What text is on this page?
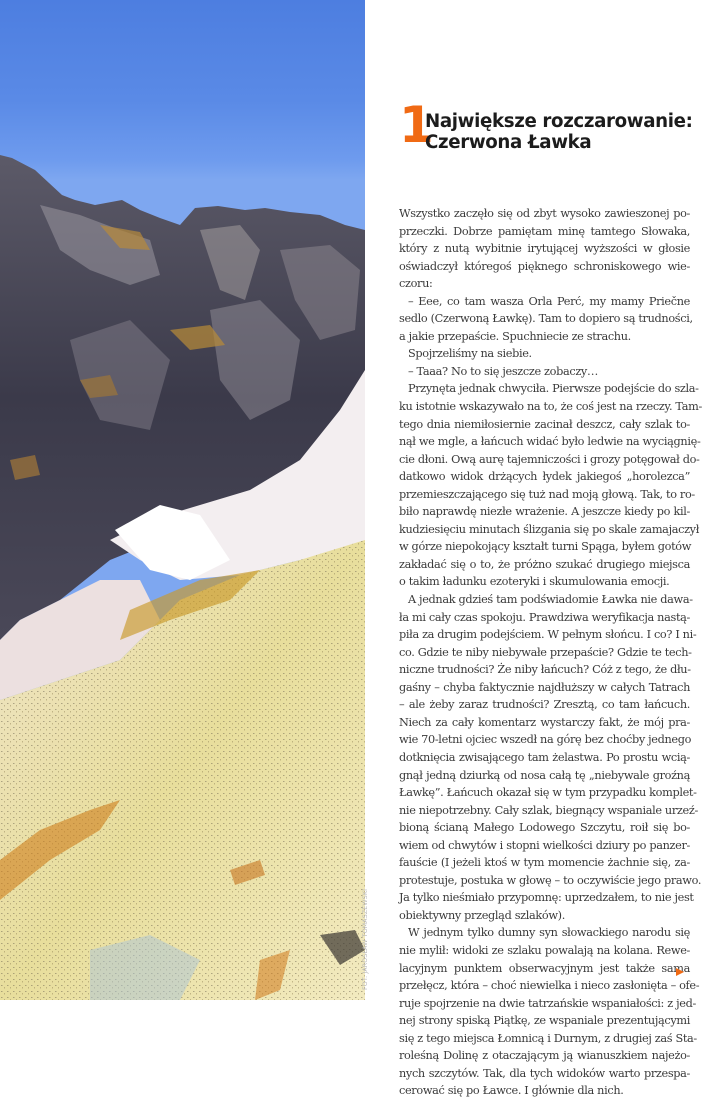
FOT. JAROSŁAW TOMASZEWSKI
1
Największe rozczarowanie:
Czerwona Ławka
Wszystko zaczęło się od zbyt wysoko zawieszonej po-
przeczki. Dobrze pamiętam minę tamtego Słowaka,
który z nutą wybitnie irytującej wyższości w głosie
oświadczył któregoś pięknego schroniskowego wie-
czoru:
– Eee, co tam wasza Orla Perć, my mamy Priečne
sedlo (Czerwoną Ławkę). Tam to dopiero są trudności,
a jakie przepaście. Spuchniecie ze strachu.
Spojrzeliśmy na siebie.
– Taaa? No to się jeszcze zobaczy…
Przynęta jednak chwyciła. Pierwsze podejście do szla-
ku istotnie wskazywało na to, że coś jest na rzeczy. Tam-
tego dnia niemiłosiernie zacinał deszcz, cały szlak to-
nął we mgle, a łańcuch widać było ledwie na wyciągnię-
cie dłoni. Ową aurę tajemniczości i grozy potęgował do-
datkowo widok drżących łydek jakiegoś „horolezca”
przemieszczającego się tuż nad moją głową. Tak, to ro-
biło naprawdę niezłe wrażenie. A jeszcze kiedy po kil-
kudziesięciu minutach ślizgania się po skale zamajaczył
w górze niepokojący kształt turni Spąga, byłem gotów
zakładać się o to, że próżno szukać drugiego miejsca
o takim ładunku ezoteryki i skumulowania emocji.
A jednak gdzieś tam podświadomie Ławka nie dawa-
ła mi cały czas spokoju. Prawdziwa weryfikacja nastą-
piła za drugim podejściem. W pełnym słońcu. I co? I ni-
co. Gdzie te niby niebywałe przepaście? Gdzie te tech-
niczne trudności? Że niby łańcuch? Cóż z tego, że dłu-
gaśny – chyba faktycznie najdłuższy w całych Tatrach
– ale żeby zaraz trudności? Zresztą, co tam łańcuch.
Niech za cały komentarz wystarczy fakt, że mój pra-
wie 70-letni ojciec wszedł na górę bez choćby jednego
dotknięcia zwisającego tam żelastwa. Po prostu wcią-
gnął jedną dziurką od nosa całą tę „niebywale groźną
Ławkę”. Łańcuch okazał się w tym przypadku komplet-
nie niepotrzebny. Cały szlak, biegnący wspaniale urzeź-
bioną ścianą Małego Lodowego Szczytu, roił się bo-
wiem od chwytów i stopni wielkości dziury po panzer-
fauście (I jeżeli ktoś w tym momencie żachnie się, za-
protestuje, postuka w głowę – to oczywiście jego prawo.
Ja tylko nieśmiało przypomnę: uprzedzałem, to nie jest
obiektywny przegląd szlaków).
W jednym tylko dumny syn słowackiego narodu się
nie mylił: widoki ze szlaku powalają na kolana. Rewe-
lacyjnym punktem obserwacyjnym jest także sama
przełęcz, która – choć niewielka i nieco zasłonięta – ofe-
ruje spojrzenie na dwie tatrzańskie wspaniałości: z jed-
nej strony spiską Piątkę, ze wspaniale prezentującymi
się z tego miejsca Łomnicą i Durnym, z drugiej zaś Sta-
roleśną Dolinę z otaczającym ją wianuszkiem najeżo-
nych szczytów. Tak, dla tych widoków warto przespa-
cerować się po Ławce. I głównie dla nich.
